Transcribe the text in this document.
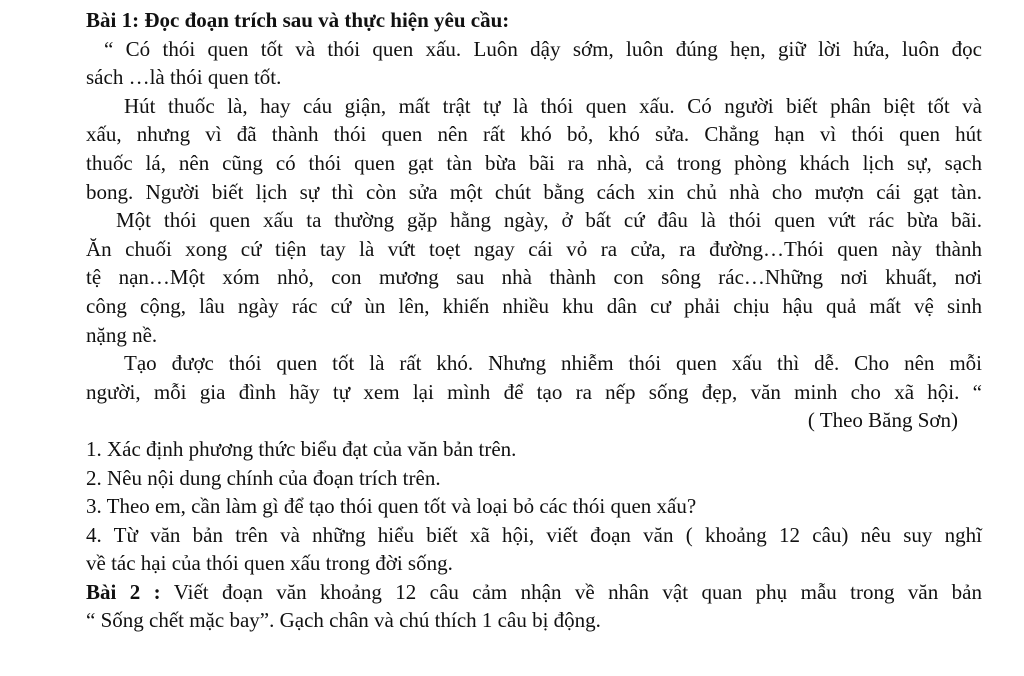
Bài 1: Đọc đoạn trích sau và thực hiện yêu cầu:
“ Có thói quen tốt và thói quen xấu. Luôn dậy sớm, luôn đúng hẹn, giữ lời hứa, luôn đọc
sách …là thói quen tốt.
Hút thuốc là, hay cáu giận, mất trật tự là thói quen xấu. Có người biết phân biệt tốt và
xấu, nhưng vì đã thành thói quen nên rất khó bỏ, khó sửa. Chẳng hạn vì thói quen hút
thuốc lá, nên cũng có thói quen gạt tàn bừa bãi ra nhà, cả trong phòng khách lịch sự, sạch
bong. Người biết lịch sự thì còn sửa một chút bằng cách xin chủ nhà cho mượn cái gạt tàn.
Một thói quen xấu ta thường gặp hằng ngày, ở bất cứ đâu là thói quen vứt rác bừa bãi.
Ăn chuối xong cứ tiện tay là vứt toẹt ngay cái vỏ ra cửa, ra đường…Thói quen này thành
tệ nạn…Một xóm nhỏ, con mương sau nhà thành con sông rác…Những nơi khuất, nơi
công cộng, lâu ngày rác cứ ùn lên, khiến nhiều khu dân cư phải chịu hậu quả mất vệ sinh
nặng nề.
Tạo được thói quen tốt là rất khó. Nhưng nhiễm thói quen xấu thì dễ. Cho nên mỗi
người, mỗi gia đình hãy tự xem lại mình để tạo ra nếp sống đẹp, văn minh cho xã hội. “
( Theo Băng Sơn)
1. Xác định phương thức biểu đạt của văn bản trên.
2. Nêu nội dung chính của đoạn trích trên.
3. Theo em, cần làm gì để tạo thói quen tốt và loại bỏ các thói quen xấu?
4. Từ văn bản trên và những hiểu biết xã hội, viết đoạn văn ( khoảng 12 câu) nêu suy nghĩ
về tác hại của thói quen xấu trong đời sống.
Bài 2 : Viết đoạn văn khoảng 12 câu cảm nhận về nhân vật quan phụ mẫu trong văn bản
“ Sống chết mặc bay”. Gạch chân và chú thích 1 câu bị động.
